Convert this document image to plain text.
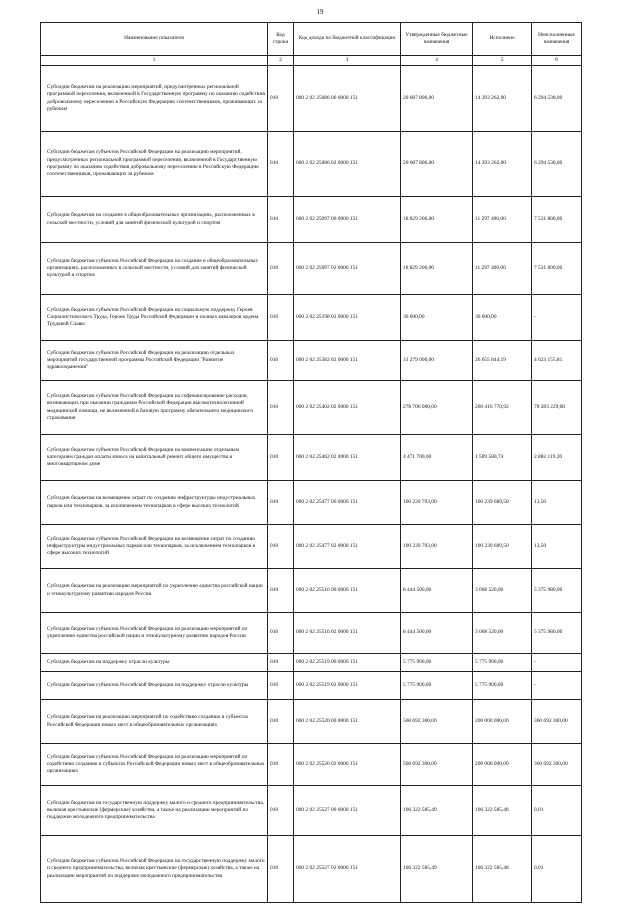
19
Наименование показателя	Код строки	Код дохода по бюджетной классификации	Утвержденные бюджетные назначения	Исполнено	Неисполненные назначения
1	2	3	4	5	6
Субсидии бюджетам на реализацию мероприятий, предусмотренных региональной программой переселения, включенной в Государственную программу по оказанию содействия добровольному переселению в Российскую Федерацию соотечественников, проживающих за рубежом	010	000 2 02 25086 00 0000 151	20 687 800,00	14 393 262,00	6 294 538,00
Субсидии бюджетам субъектов Российской Федерации на реализацию мероприятий, предусмотренных региональной программой переселения, включенной в Государственную программу по оказанию содействия добровольному переселению в Российскую Федерацию соотечественников, проживающих за рубежом	010	000 2 02 25086 02 0000 151	20 687 800,00	14 393 262,00	6 294 538,00
Субсидии бюджетам на создание в общеобразовательных организациях, расположенных в сельской местности, условий для занятий физической культурой и спортом	010	000 2 02 25097 00 0000 151	18 829 200,00	11 297 400,00	7 531 800,00
Субсидии бюджетам субъектов Российской Федерации на создание в общеобразовательных организациях, расположенных в сельской местности, условий для занятий физической культурой и спортом	010	000 2 02 25097 02 0000 151	18 829 200,00	11 297 400,00	7 531 800,00
Субсидии бюджетам субъектов Российской Федерации на социальную поддержку Героев Социалистического Труда, Героев Труда Российской Федерации и полных кавалеров ордена Трудовой Славы	010	000 2 02 25198 02 0000 151	30 600,00	30 600,00	-
Субсидии бюджетам субъектов Российской Федерации на реализацию отдельных мероприятий государственной программы Российской Федерации "Развитие здравоохранения"	010	000 2 02 25382 02 0000 151	31 279 000,00	26 655 844,19	4 623 155,81
Субсидии бюджетам субъектов Российской Федерации на софинансирование расходов, возникающих при оказании гражданам Российской Федерации высокотехнологичной медицинской помощи, не включенной в базовую программу обязательного медицинского страхования	010	000 2 02 25402 02 0000 151	278 700 000,00	200 416 770,92	78 283 229,08
Субсидии бюджетам субъектов Российской Федерации на компенсацию отдельным категориям граждан оплаты взноса на капитальный ремонт общего имущества в многоквартирном доме	010	000 2 02 25462 02 0000 151	4 471 700,00	1 589 580,74	2 882 119,26
Субсидии бюджетам на возмещение затрат по созданию инфраструктуры индустриальных парков или технопарков, за исключением технопарков в сфере высоких технологий	010	000 2 02 25477 00 0000 151	100 239 703,00	100 239 689,50	13,50
Субсидии бюджетам субъектов Российской Федерации на возмещение затрат по созданию инфраструктуры индустриальных парков или технопарков, за исключением технопарков в сфере высоких технологий	010	000 2 02 25477 02 0000 151	100 239 703,00	100 239 689,50	13,50
Субсидии бюджетам на реализацию мероприятий по укреплению единства российской нации и этнокультурному развитию народов России	010	000 2 02 25516 00 0000 151	8 444 500,00	3 068 520,00	5 375 980,00
Субсидии бюджетам субъектов Российской Федерации на реализацию мероприятий по укреплению единства российской нации и этнокультурному развитию народов России	010	000 2 02 25516 02 0000 151	8 444 500,00	3 068 520,00	5 375 980,00
Субсидии бюджетам на поддержку отрасли культуры	010	000 2 02 25519 00 0000 151	5 775 900,00	5 775 900,00	-
Субсидии бюджетам субъектов Российской Федерации на поддержку отрасли культуры	010	000 2 02 25519 02 0000 151	5 775 900,00	5 775 900,00	-
Субсидии бюджетам на реализацию мероприятий по содействию созданию в субъектах Российской Федерации новых мест в общеобразовательных организациях	010	000 2 02 25520 00 0000 151	560 692 300,00	200 000 000,00	360 692 300,00
Субсидии бюджетам субъектов Российской Федерации на реализацию мероприятий по содействию созданию в субъектах Российской Федерации новых мест в общеобразовательных организациях	010	000 2 02 25520 02 0000 151	560 692 300,00	200 000 000,00	360 692 300,00
Субсидии бюджетам на государственную поддержку малого и среднего предпринимательства, включая крестьянские (фермерские) хозяйства, а также на реализацию мероприятий по поддержке молодежного предпринимательства	010	000 2 02 25527 00 0000 151	106 322 585,49	106 322 585,48	0,01
Субсидии бюджетам субъектов Российской Федерации на государственную поддержку малого и среднего предпринимательства, включая крестьянские (фермерские) хозяйства, а также на реализацию мероприятий по поддержке молодежного предпринимательства	010	000 2 02 25527 02 0000 151	106 322 585,49	106 322 585,48	0,01
